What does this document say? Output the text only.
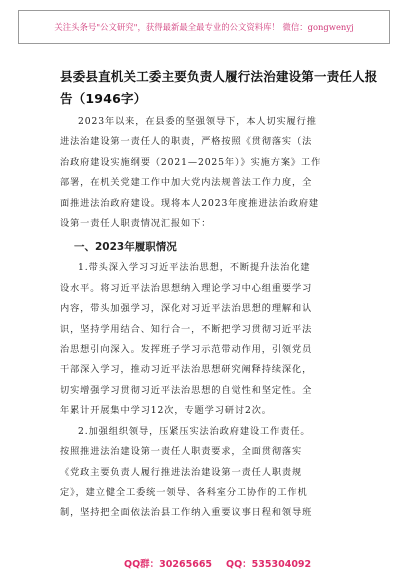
关注头条号"公文研究"，获得最新最全最专业的公文资料库！ 微信：gongwenyj
县委县直机关工委主要负责人履行法治建设第一责任人报
告（1946字）
2023年以来，在县委的坚强领导下，本人切实履行推
进法治建设第一责任人的职责，严格按照《贯彻落实（法
治政府建设实施纲要（2021—2025年）》实施方案》工作
部署，在机关党建工作中加大党内法规普法工作力度，全
面推进法治政府建设。现将本人2023年度推进法治政府建
设第一责任人职责情况汇报如下：
一、2023年履职情况
1.带头深入学习习近平法治思想，不断提升法治化建
设水平。将习近平法治思想纳入理论学习中心组重要学习
内容，带头加强学习，深化对习近平法治思想的理解和认
识，坚持学用结合、知行合一，不断把学习贯彻习近平法
治思想引向深入。发挥班子学习示范带动作用，引领党员
干部深入学习，推动习近平法治思想研究阐释持续深化，
切实增强学习贯彻习近平法治思想的自觉性和坚定性。全
年累计开展集中学习12次，专题学习研讨2次。
2.加强组织领导，压紧压实法治政府建设工作责任。
按照推进法治建设第一责任人职责要求，全面贯彻落实
《党政主要负责人履行推进法治建设第一责任人职责规
定》，建立健全工委统一领导、各科室分工协作的工作机
制，坚持把全面依法治县工作纳入重要议事日程和领导班
QQ群：30265665 QQ：535304092
